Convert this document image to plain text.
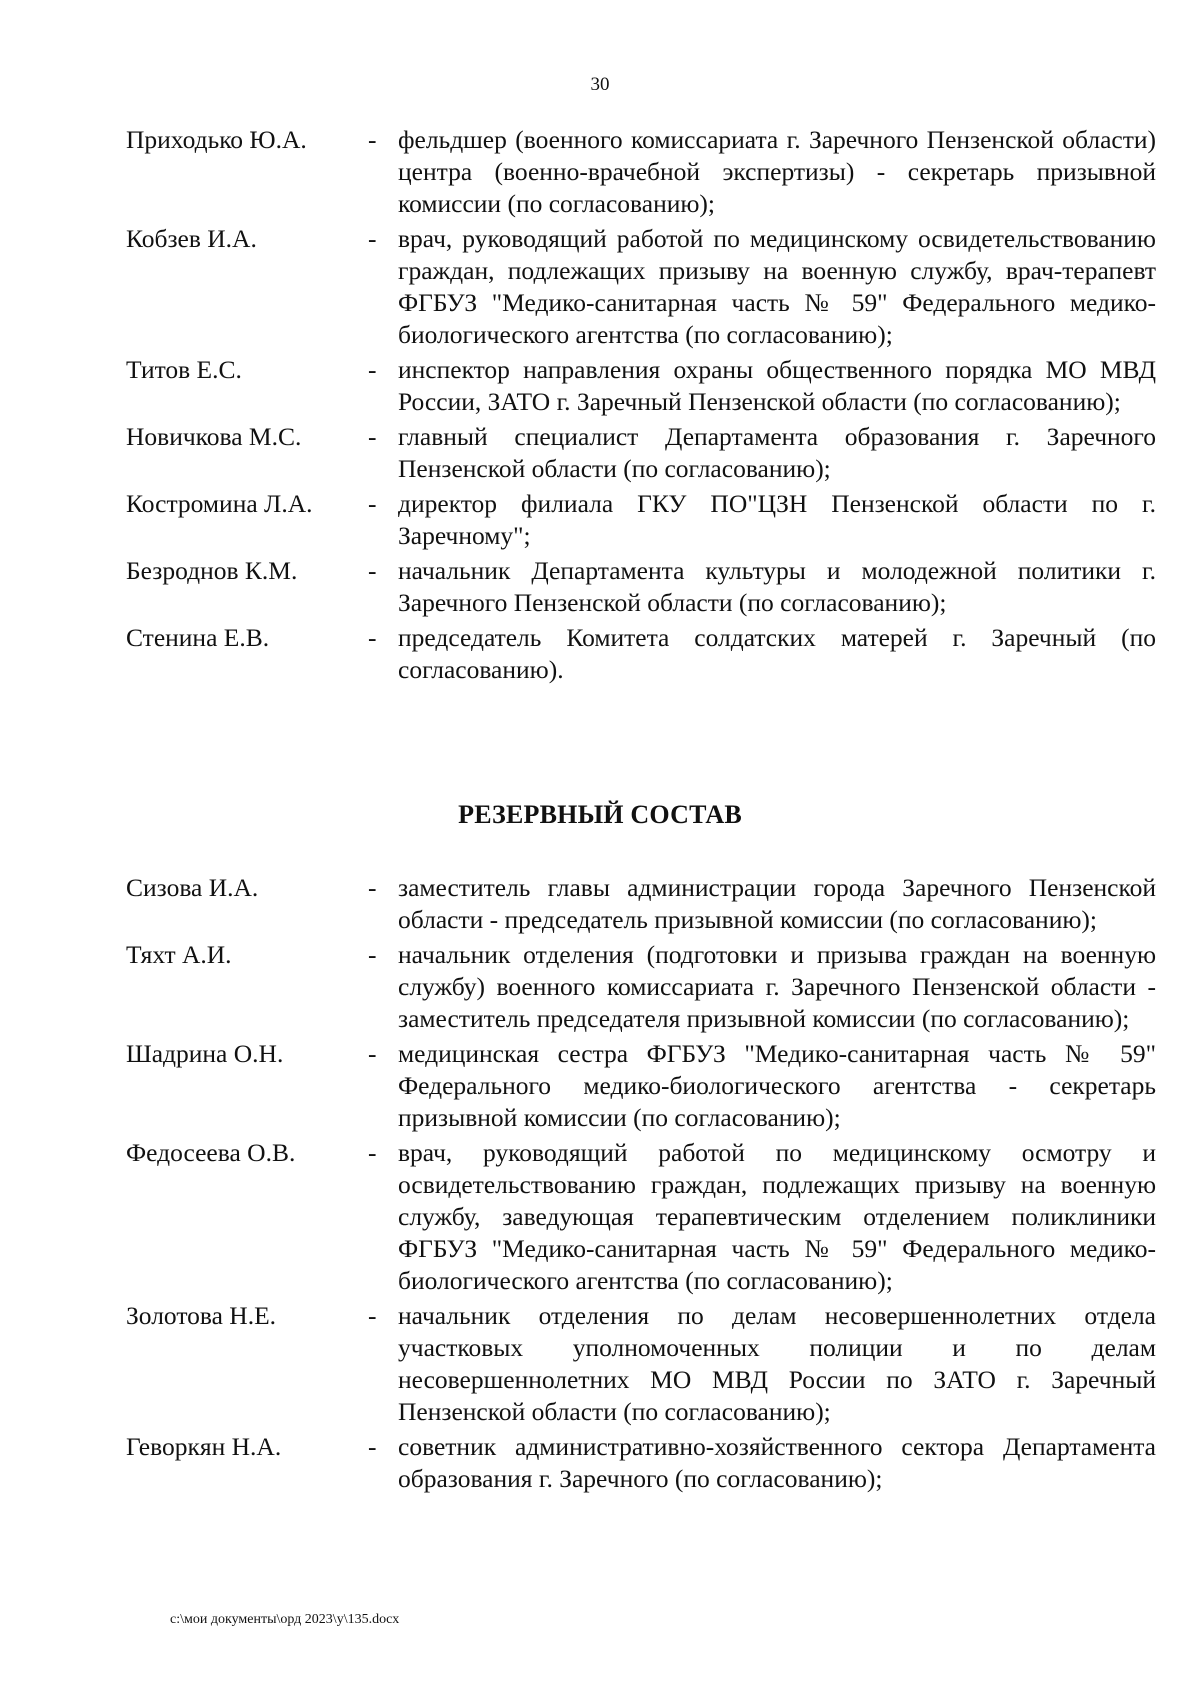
30
Приходько Ю.А.	- фельдшер (военного комиссариата г. Заречного Пензенской области) центра (военно-врачебной экспертизы) - секретарь призывной комиссии (по согласованию);
Кобзев И.А.	- врач, руководящий работой по медицинскому освидетельствованию граждан, подлежащих призыву на военную службу, врач-терапевт ФГБУЗ "Медико-санитарная часть № 59" Федерального медико-биологического агентства (по согласованию);
Титов Е.С.	- инспектор направления охраны общественного порядка МО МВД России, ЗАТО г. Заречный Пензенской области (по согласованию);
Новичкова М.С.	- главный специалист Департамента образования г. Заречного Пензенской области (по согласованию);
Костромина Л.А.	- директор филиала ГКУ ПО"ЦЗН Пензенской области по г. Заречному";
Безроднов К.М.	- начальник Департамента культуры и молодежной политики г. Заречного Пензенской области (по согласованию);
Стенина Е.В.	- председатель Комитета солдатских матерей г. Заречный (по согласованию).
РЕЗЕРВНЫЙ СОСТАВ
Сизова И.А.	- заместитель главы администрации города Заречного Пензенской области - председатель призывной комиссии (по согласованию);
Тяхт А.И.	- начальник отделения (подготовки и призыва граждан на военную службу) военного комиссариата г. Заречного Пензенской области - заместитель председателя призывной комиссии (по согласованию);
Шадрина О.Н.	- медицинская сестра ФГБУЗ "Медико-санитарная часть № 59" Федерального медико-биологического агентства - секретарь призывной комиссии (по согласованию);
Федосеева О.В.	- врач, руководящий работой по медицинскому осмотру и освидетельствованию граждан, подлежащих призыву на военную службу, заведующая терапевтическим отделением поликлиники ФГБУЗ "Медико-санитарная часть № 59" Федерального медико-биологического агентства (по согласованию);
Золотова Н.Е.	- начальник отделения по делам несовершеннолетних отдела участковых уполномоченных полиции и по делам несовершеннолетних МО МВД России по ЗАТО г. Заречный Пензенской области (по согласованию);
Геворкян Н.А.	- советник административно-хозяйственного сектора Департамента образования г. Заречного (по согласованию);
c:\мои документы\орд 2023\у\135.docx
